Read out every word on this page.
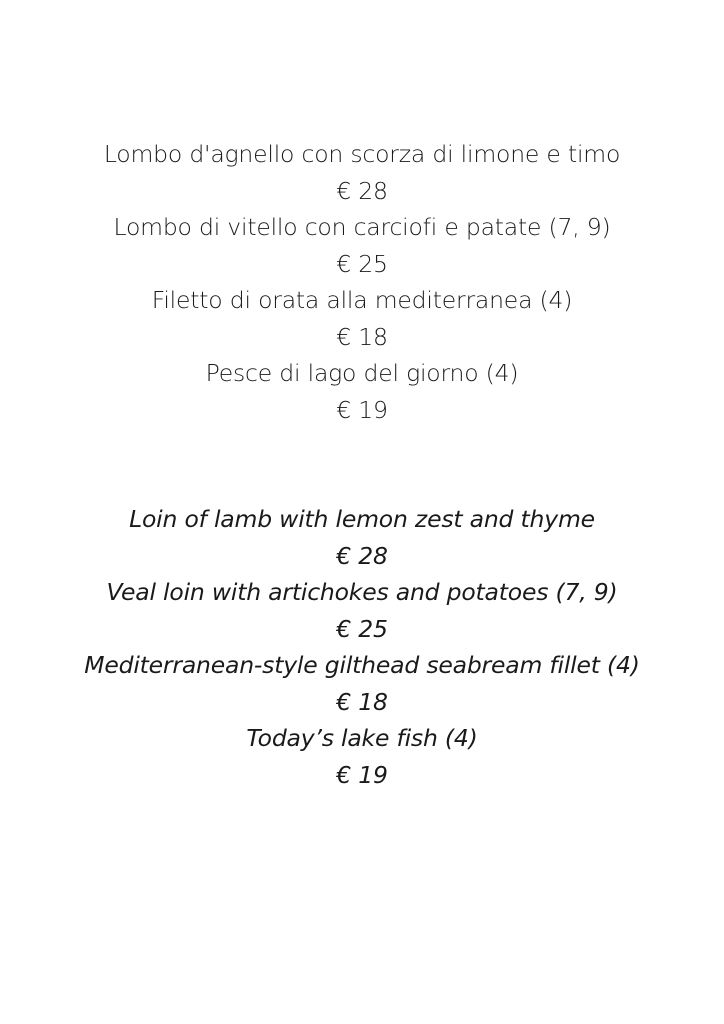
Lombo d'agnello con scorza di limone e timo
€ 28
Lombo di vitello con carciofi e patate (7, 9)
€ 25
Filetto di orata alla mediterranea (4)
€ 18
Pesce di lago del giorno (4)
€ 19
Loin of lamb with lemon zest and thyme
€ 28
Veal loin with artichokes and potatoes (7, 9)
€ 25
Mediterranean-style gilthead seabream fillet (4)
€ 18
Today’s lake fish (4)
€ 19
